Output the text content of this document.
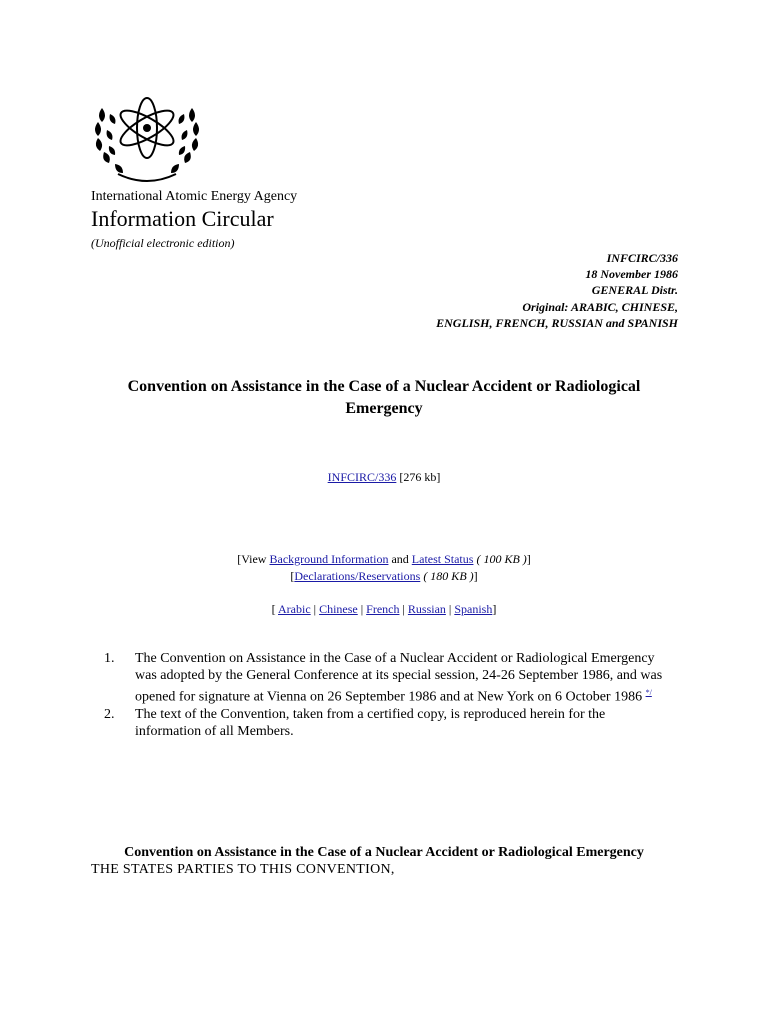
International Atomic Energy Agency
Information Circular
(Unofficial electronic edition)
INFCIRC/336
18 November 1986
GENERAL Distr.
Original: ARABIC, CHINESE,
ENGLISH, FRENCH, RUSSIAN and SPANISH
Convention on Assistance in the Case of a Nuclear Accident or Radiological Emergency
INFCIRC/336 [276 kb]
[View Background Information and Latest Status ( 100 KB )]
[Declarations/Reservations ( 180 KB )]
[ Arabic | Chinese | French | Russian | Spanish]
1.	The Convention on Assistance in the Case of a Nuclear Accident or Radiological Emergency was adopted by the General Conference at its special session, 24-26 September 1986, and was opened for signature at Vienna on 26 September 1986 and at New York on 6 October 1986 */
2.	The text of the Convention, taken from a certified copy, is reproduced herein for the information of all Members.
Convention on Assistance in the Case of a Nuclear Accident or Radiological Emergency
THE STATES PARTIES TO THIS CONVENTION,
